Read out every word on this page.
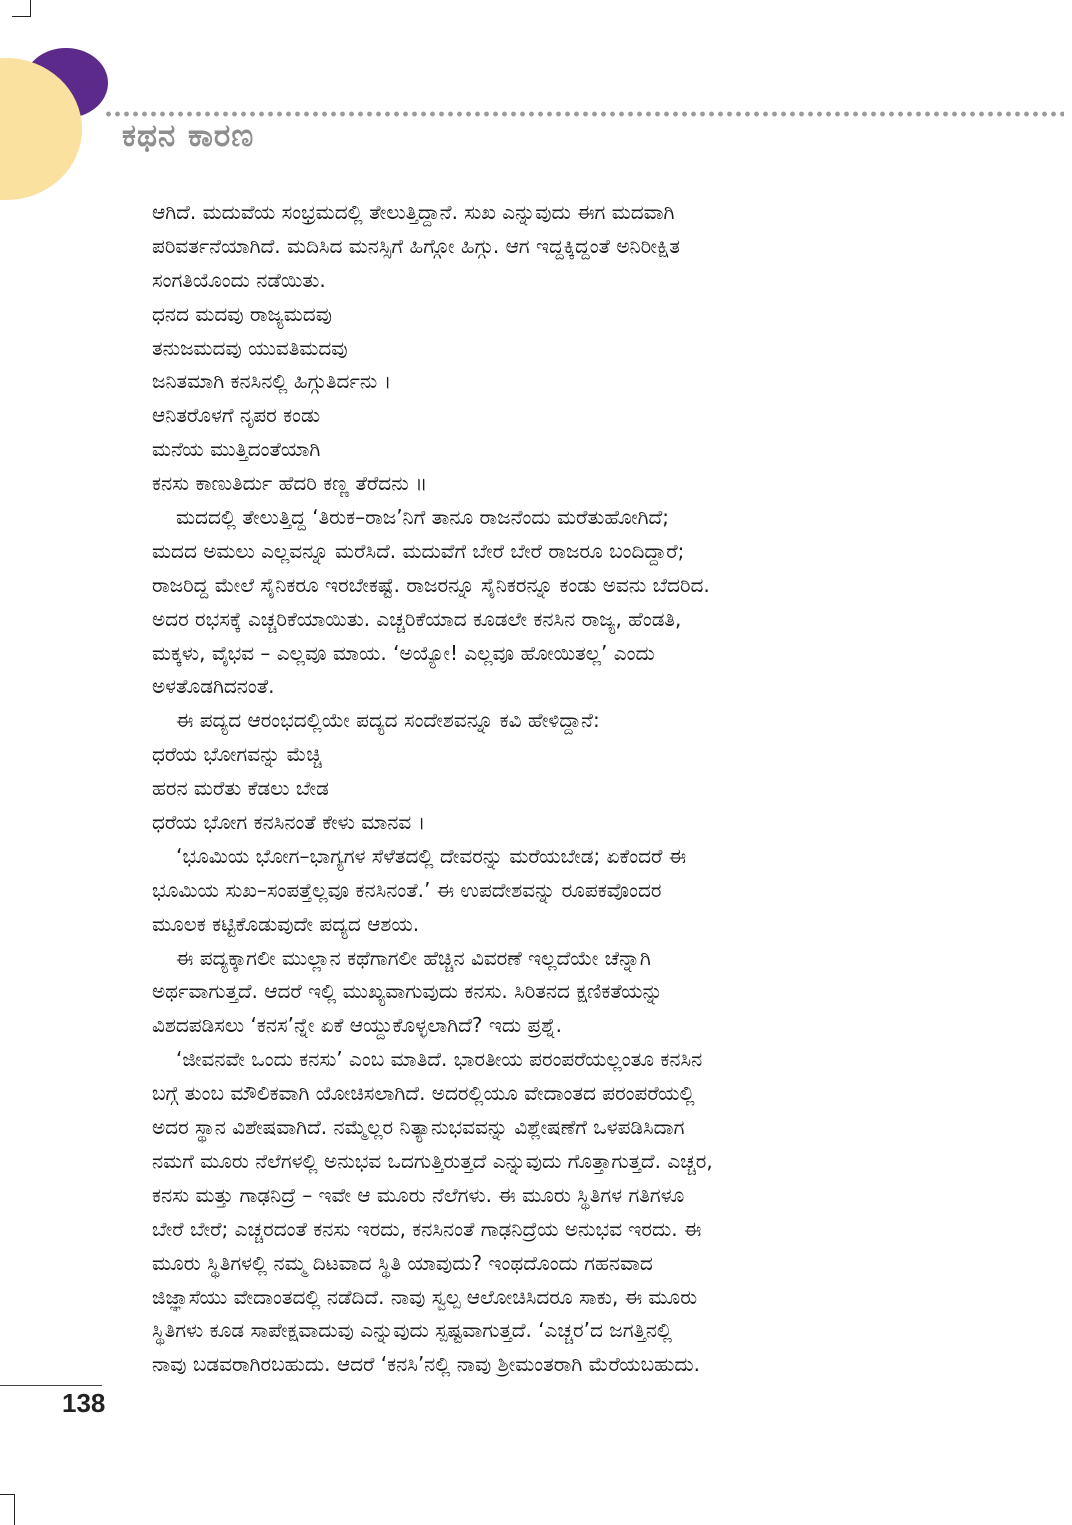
ಕಥನ ಕಾರಣ
ಆಗಿದೆ. ಮದುವೆಯ ಸಂಭ್ರಮದಲ್ಲಿ ತೇಲುತ್ತಿದ್ದಾನೆ. ಸುಖ ಎನ್ನುವುದು ಈಗ ಮದವಾಗಿ
ಪರಿವರ್ತನೆಯಾಗಿದೆ. ಮದಿಸಿದ ಮನಸ್ಸಿಗೆ ಹಿಗ್ಗೋ ಹಿಗ್ಗು. ಆಗ ಇದ್ದಕ್ಕಿದ್ದಂತೆ ಅನಿರೀಕ್ಷಿತ
ಸಂಗತಿಯೊಂದು ನಡೆಯಿತು.
ಧನದ ಮದವು ರಾಜ್ಯಮದವು
ತನುಜಮದವು ಯುವತಿಮದವು
ಜನಿತಮಾಗಿ ಕನಸಿನಲ್ಲಿ ಹಿಗ್ಗುತಿರ್ದನು ।
ಆನಿತರೊಳಗೆ ನೃಪರ ಕಂಡು
ಮನೆಯ ಮುತ್ತಿದಂತೆಯಾಗಿ
ಕನಸು ಕಾಣುತಿರ್ದು ಹೆದರಿ ಕಣ್ಣ ತೆರೆದನು ॥
ಮದದಲ್ಲಿ ತೇಲುತ್ತಿದ್ದ ‘ತಿರುಕ–ರಾಜ’ನಿಗೆ ತಾನೂ ರಾಜನೆಂದು ಮರೆತುಹೋಗಿದೆ;
ಮದದ ಅಮಲು ಎಲ್ಲವನ್ನೂ ಮರೆಸಿದೆ. ಮದುವೆಗೆ ಬೇರೆ ಬೇರೆ ರಾಜರೂ ಬಂದಿದ್ದಾರೆ;
ರಾಜರಿದ್ದ ಮೇಲೆ ಸೈನಿಕರೂ ಇರಬೇಕಷ್ಟೆ. ರಾಜರನ್ನೂ ಸೈನಿಕರನ್ನೂ ಕಂಡು ಅವನು ಬೆದರಿದ.
ಅದರ ರಭಸಕ್ಕೆ ಎಚ್ಚರಿಕೆಯಾಯಿತು. ಎಚ್ಚರಿಕೆಯಾದ ಕೂಡಲೇ ಕನಸಿನ ರಾಜ್ಯ, ಹೆಂಡತಿ,
ಮಕ್ಕಳು, ವೈಭವ – ಎಲ್ಲವೂ ಮಾಯ. ‘ಅಯ್ಯೋ! ಎಲ್ಲವೂ ಹೋಯಿತಲ್ಲ’ ಎಂದು
ಅಳತೊಡಗಿದನಂತೆ.
ಈ ಪದ್ಯದ ಆರಂಭದಲ್ಲಿಯೇ ಪದ್ಯದ ಸಂದೇಶವನ್ನೂ ಕವಿ ಹೇಳಿದ್ದಾನೆ:
ಧರೆಯ ಭೋಗವನ್ನು ಮೆಚ್ಚಿ
ಹರನ ಮರೆತು ಕೆಡಲು ಬೇಡ
ಧರೆಯ ಭೋಗ ಕನಸಿನಂತೆ ಕೇಳು ಮಾನವ ।
‘ಭೂಮಿಯ ಭೋಗ–ಭಾಗ್ಯಗಳ ಸೆಳೆತದಲ್ಲಿ ದೇವರನ್ನು ಮರೆಯಬೇಡ; ಏಕೆಂದರೆ ಈ
ಭೂಮಿಯ ಸುಖ–ಸಂಪತ್ತೆಲ್ಲವೂ ಕನಸಿನಂತೆ.’ ಈ ಉಪದೇಶವನ್ನು ರೂಪಕವೊಂದರ
ಮೂಲಕ ಕಟ್ಟಿಕೊಡುವುದೇ ಪದ್ಯದ ಆಶಯ.
ಈ ಪದ್ಯಕ್ಕಾಗಲೀ ಮುಲ್ಲಾನ ಕಥೆಗಾಗಲೀ ಹೆಚ್ಚಿನ ವಿವರಣೆ ಇಲ್ಲದೆಯೇ ಚೆನ್ನಾಗಿ
ಅರ್ಥವಾಗುತ್ತದೆ. ಆದರೆ ಇಲ್ಲಿ ಮುಖ್ಯವಾಗುವುದು ಕನಸು. ಸಿರಿತನದ ಕ್ಷಣಿಕತೆಯನ್ನು
ವಿಶದಪಡಿಸಲು ‘ಕನಸ’ನ್ನೇ ಏಕೆ ಆಯ್ದುಕೊಳ್ಳಲಾಗಿದೆ? ಇದು ಪ್ರಶ್ನೆ.
‘ಜೀವನವೇ ಒಂದು ಕನಸು’ ಎಂಬ ಮಾತಿದೆ. ಭಾರತೀಯ ಪರಂಪರೆಯಲ್ಲಂತೂ ಕನಸಿನ
ಬಗ್ಗೆ ತುಂಬ ಮೌಲಿಕವಾಗಿ ಯೋಚಿಸಲಾಗಿದೆ. ಅದರಲ್ಲಿಯೂ ವೇದಾಂತದ ಪರಂಪರೆಯಲ್ಲಿ
ಅದರ ಸ್ಥಾನ ವಿಶೇಷವಾಗಿದೆ. ನಮ್ಮೆಲ್ಲರ ನಿತ್ಯಾನುಭವವನ್ನು ವಿಶ್ಲೇಷಣೆಗೆ ಒಳಪಡಿಸಿದಾಗ
ನಮಗೆ ಮೂರು ನೆಲೆಗಳಲ್ಲಿ ಅನುಭವ ಒದಗುತ್ತಿರುತ್ತದೆ ಎನ್ನುವುದು ಗೊತ್ತಾಗುತ್ತದೆ. ಎಚ್ಚರ,
ಕನಸು ಮತ್ತು ಗಾಢನಿದ್ರೆ – ಇವೇ ಆ ಮೂರು ನೆಲೆಗಳು. ಈ ಮೂರು ಸ್ಥಿತಿಗಳ ಗತಿಗಳೂ
ಬೇರೆ ಬೇರೆ; ಎಚ್ಚರದಂತೆ ಕನಸು ಇರದು, ಕನಸಿನಂತೆ ಗಾಢನಿದ್ರೆಯ ಅನುಭವ ಇರದು. ಈ
ಮೂರು ಸ್ಥಿತಿಗಳಲ್ಲಿ ನಮ್ಮ ದಿಟವಾದ ಸ್ಥಿತಿ ಯಾವುದು? ಇಂಥದೊಂದು ಗಹನವಾದ
ಜಿಜ್ಞಾಸೆಯು ವೇದಾಂತದಲ್ಲಿ ನಡೆದಿದೆ. ನಾವು ಸ್ವಲ್ಪ ಆಲೋಚಿಸಿದರೂ ಸಾಕು, ಈ ಮೂರು
ಸ್ಥಿತಿಗಳು ಕೂಡ ಸಾಪೇಕ್ಷವಾದುವು ಎನ್ನುವುದು ಸ್ಪಷ್ಟವಾಗುತ್ತದೆ. ‘ಎಚ್ಚರ’ದ ಜಗತ್ತಿನಲ್ಲಿ
ನಾವು ಬಡವರಾಗಿರಬಹುದು. ಆದರೆ ‘ಕನಸಿ’ನಲ್ಲಿ ನಾವು ಶ್ರೀಮಂತರಾಗಿ ಮೆರೆಯಬಹುದು.
138
